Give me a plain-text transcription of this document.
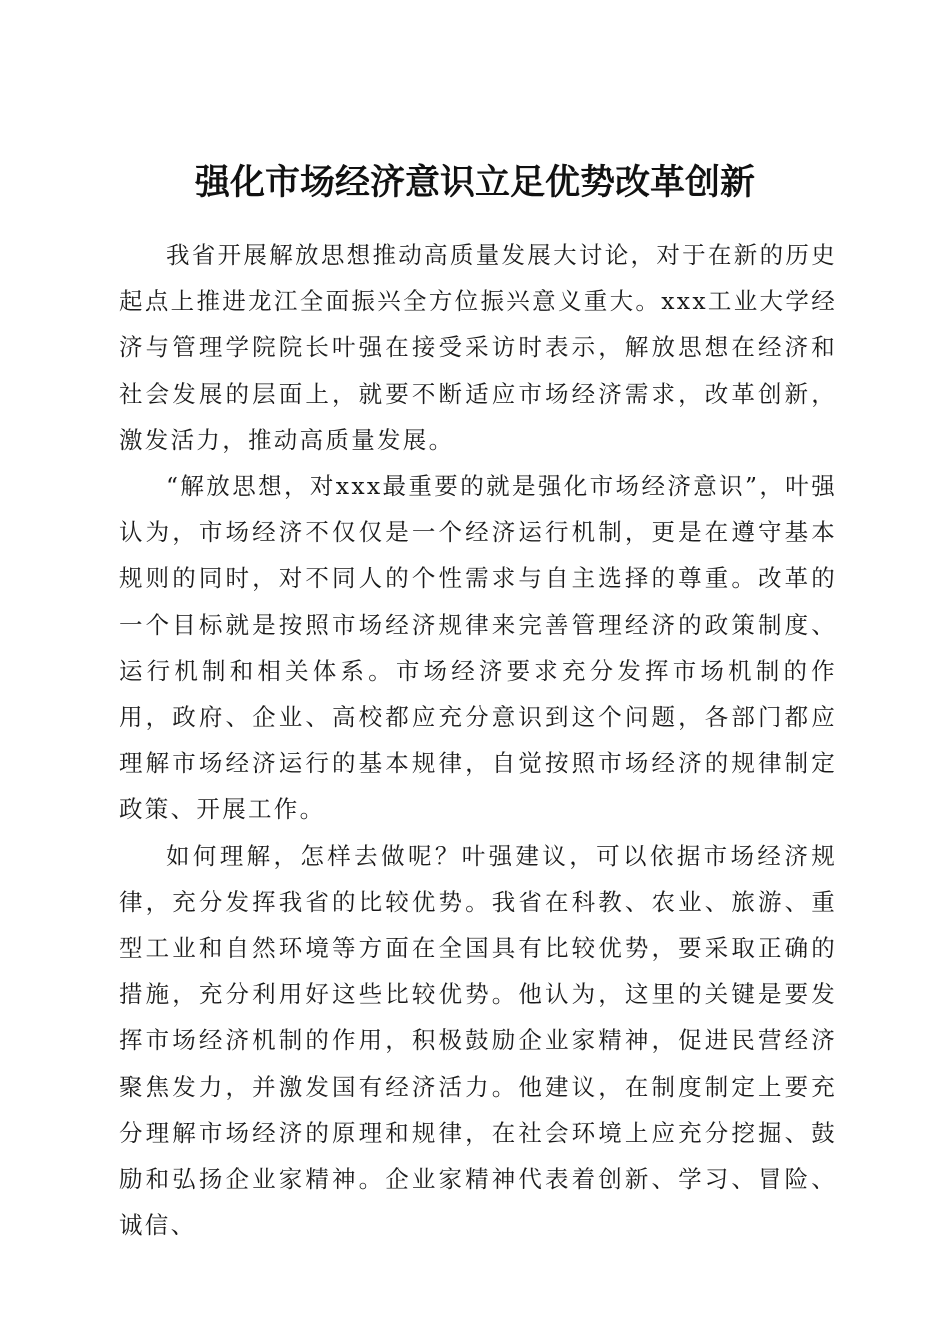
强化市场经济意识立足优势改革创新

我省开展解放思想推动高质量发展大讨论，对于在新的历史起点上推进龙江全面振兴全方位振兴意义重大。xxx工业大学经济与管理学院院长叶强在接受采访时表示，解放思想在经济和社会发展的层面上，就要不断适应市场经济需求，改革创新，激发活力，推动高质量发展。

“解放思想，对xxx最重要的就是强化市场经济意识”，叶强认为，市场经济不仅仅是一个经济运行机制，更是在遵守基本规则的同时，对不同人的个性需求与自主选择的尊重。改革的一个目标就是按照市场经济规律来完善管理经济的政策制度、运行机制和相关体系。市场经济要求充分发挥市场机制的作用，政府、企业、高校都应充分意识到这个问题，各部门都应理解市场经济运行的基本规律，自觉按照市场经济的规律制定政策、开展工作。

如何理解，怎样去做呢？叶强建议，可以依据市场经济规律，充分发挥我省的比较优势。我省在科教、农业、旅游、重型工业和自然环境等方面在全国具有比较优势，要采取正确的措施，充分利用好这些比较优势。他认为，这里的关键是要发挥市场经济机制的作用，积极鼓励企业家精神，促进民营经济聚焦发力，并激发国有经济活力。他建议，在制度制定上要充分理解市场经济的原理和规律，在社会环境上应充分挖掘、鼓励和弘扬企业家精神。企业家精神代表着创新、学习、冒险、诚信、
